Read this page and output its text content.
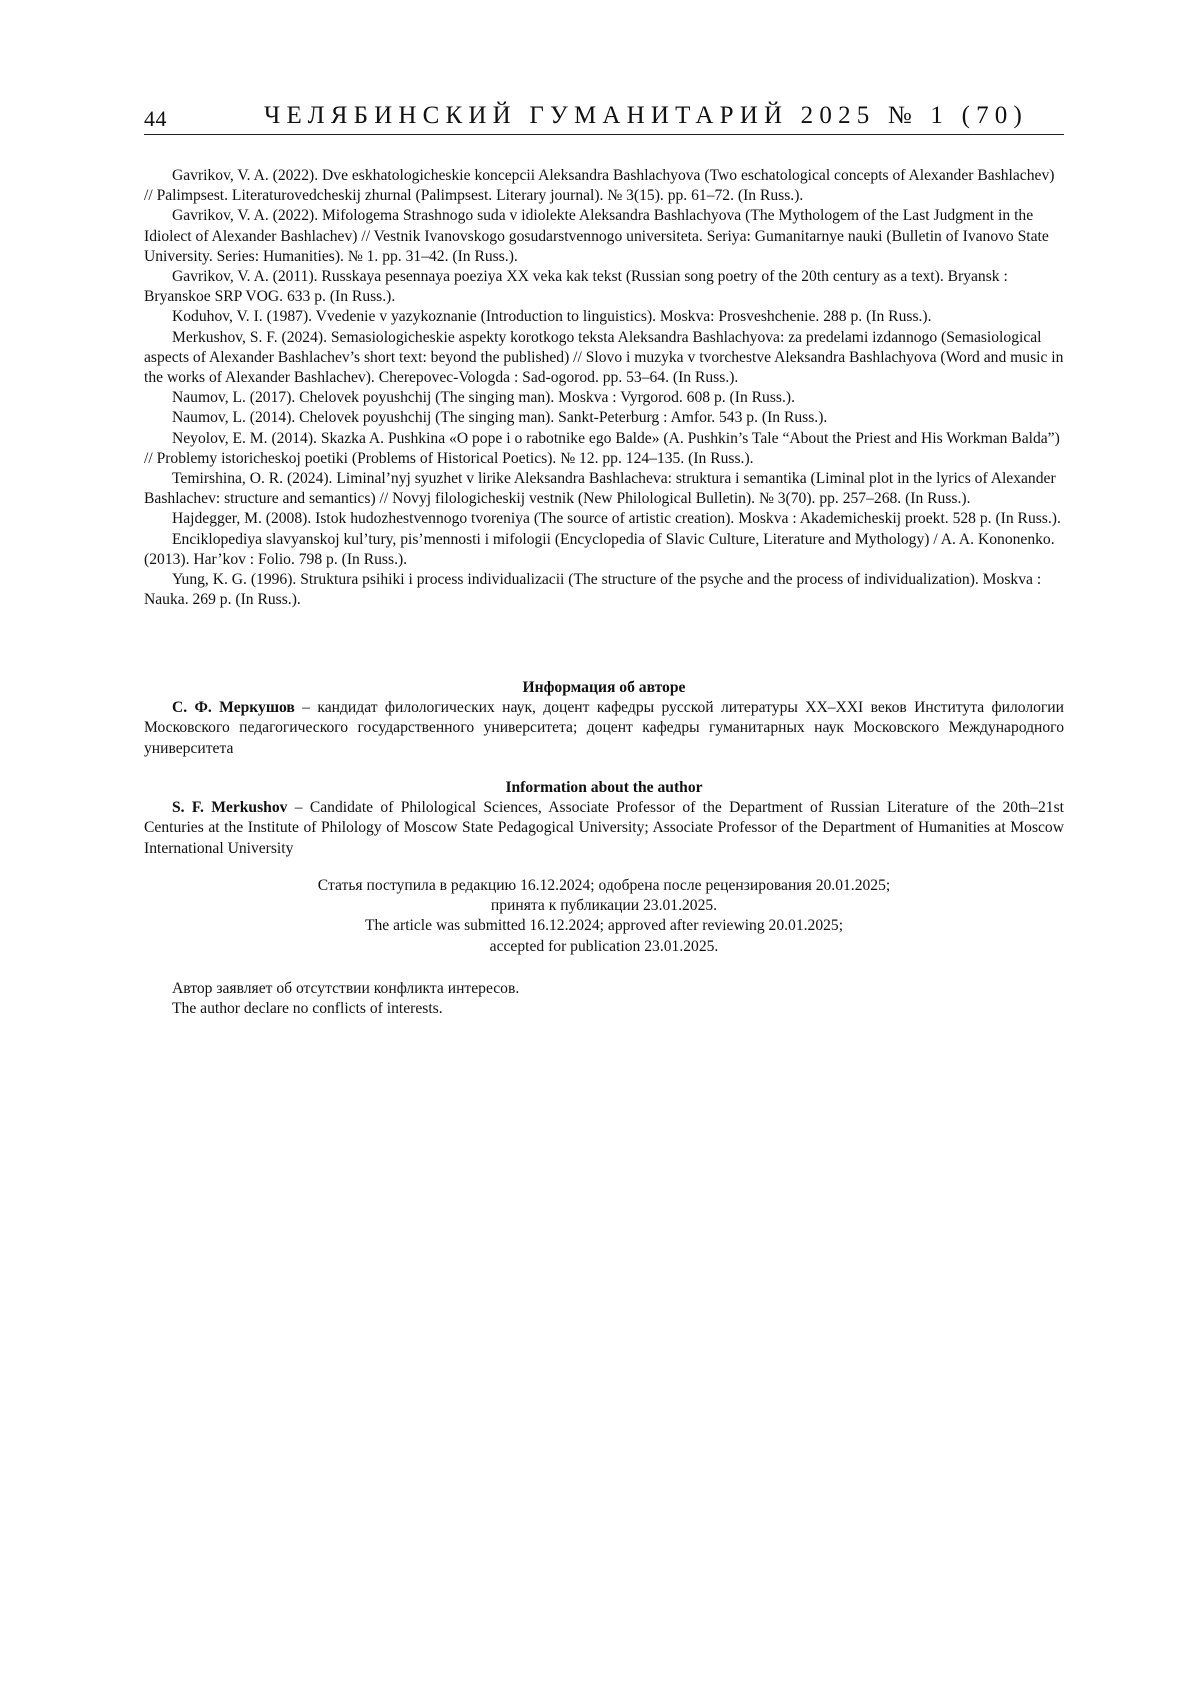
44	ЧЕЛЯБИНСКИЙ ГУМАНИТАРИЙ 2025 № 1 (70)

Gavrikov, V. A. (2022). Dve eskhatologicheskie koncepcii Aleksandra Bashlachyova (Two eschatological concepts of Alexander Bashlachev) // Palimpsest. Literaturovedcheskij zhurnal (Palimpsest. Literary journal). № 3(15). pp. 61–72. (In Russ.).

Gavrikov, V. A. (2022). Mifologema Strashnogo suda v idiolekte Aleksandra Bashlachyova (The Mythologem of the Last Judgment in the Idiolect of Alexander Bashlachev) // Vestnik Ivanovskogo gosudarstvennogo universiteta. Seriya: Gumanitarnye nauki (Bulletin of Ivanovo State University. Series: Humanities). № 1. pp. 31–42. (In Russ.).

Gavrikov, V. A. (2011). Russkaya pesennaya poeziya XX veka kak tekst (Russian song poetry of the 20th century as a text). Bryansk : Bryanskoe SRP VOG. 633 p. (In Russ.).

Koduhov, V. I. (1987). Vvedenie v yazykoznanie (Introduction to linguistics). Moskva: Prosveshchenie. 288 p. (In Russ.).

Merkushov, S. F. (2024). Semasiologicheskie aspekty korotkogo teksta Aleksandra Bashlachyova: za predelami izdannogo (Semasiological aspects of Alexander Bashlachev’s short text: beyond the published) // Slovo i muzyka v tvorchestve Aleksandra Bashlachyova (Word and music in the works of Alexander Bashlachev). Cherepovec-Vologda : Sad-ogorod. pp. 53–64. (In Russ.).

Naumov, L. (2017). Chelovek poyushchij (The singing man). Moskva : Vyrgorod. 608 p. (In Russ.).

Naumov, L. (2014). Chelovek poyushchij (The singing man). Sankt-Peterburg : Amfor. 543 p. (In Russ.).

Neyolov, E. M. (2014). Skazka A. Pushkina «O pope i o rabotnike ego Balde» (A. Pushkin’s Tale “About the Priest and His Workman Balda”) // Problemy istoricheskoj poetiki (Problems of Historical Poetics). № 12. pp. 124–135. (In Russ.).

Temirshina, O. R. (2024). Liminal’nyj syuzhet v lirike Aleksandra Bashlacheva: struktura i semantika (Liminal plot in the lyrics of Alexander Bashlachev: structure and semantics) // Novyj filologicheskij vestnik (New Philological Bulletin). № 3(70). pp. 257–268. (In Russ.).

Hajdegger, M. (2008). Istok hudozhestvennogo tvoreniya (The source of artistic creation). Moskva : Akademicheskij proekt. 528 p. (In Russ.).

Enciklopediya slavyanskoj kul’tury, pis’mennosti i mifologii (Encyclopedia of Slavic Culture, Literature and Mythology) / A. A. Kononenko. (2013). Har’kov : Folio. 798 p. (In Russ.).

Yung, K. G. (1996). Struktura psihiki i process individualizacii (The structure of the psyche and the process of individualization). Moskva : Nauka. 269 p. (In Russ.).

Информация об авторе

С. Ф. Меркушов – кандидат филологических наук, доцент кафедры русской литературы XX–XXI веков Института филологии Московского педагогического государственного университета; доцент кафедры гуманитарных наук Московского Международного университета

Information about the author

S. F. Merkushov – Candidate of Philological Sciences, Associate Professor of the Department of Russian Literature of the 20th–21st Centuries at the Institute of Philology of Moscow State Pedagogical University; Associate Professor of the Department of Humanities at Moscow International University

Статья поступила в редакцию 16.12.2024; одобрена после рецензирования 20.01.2025;

принята к публикации 23.01.2025.

The article was submitted 16.12.2024; approved after reviewing 20.01.2025;

accepted for publication 23.01.2025.

Автор заявляет об отсутствии конфликта интересов.

The author declare no conflicts of interests.
